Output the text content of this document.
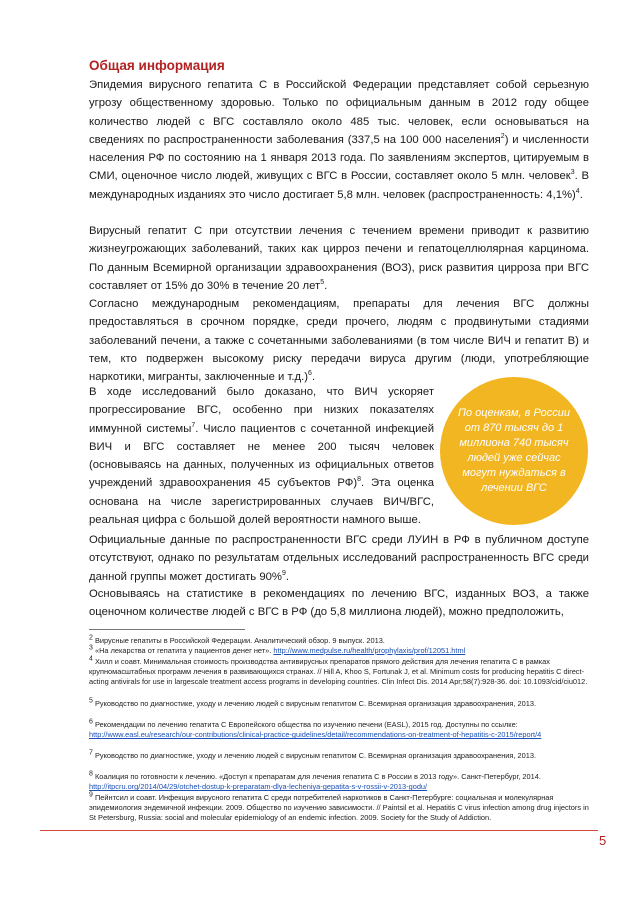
Общая информация

Эпидемия вирусного гепатита С в Российской Федерации представляет собой серьезную угрозу общественному здоровью. Только по официальным данным в 2012 году общее количество людей с ВГС составляло около 485 тыс. человек, если основываться на сведениях по распространенности заболевания (337,5 на 100 000 населения$^2$) и численности населения РФ по состоянию на 1 января 2013 года. По заявлениям экспертов, цитируемым в СМИ, оценочное число людей, живущих с ВГС в России, составляет около 5 млн. человек$^3$. В международных изданиях это число достигает 5,8 млн. человек (распространенность: 4,1%)$^4$.

Вирусный гепатит С при отсутствии лечения с течением времени приводит к развитию жизнеугрожающих заболеваний, таких как цирроз печени и гепатоцеллюлярная карцинома. По данным Всемирной организации здравоохранения (ВОЗ), риск развития цирроза при ВГС составляет от 15% до 30% в течение 20 лет$^5$.

Согласно международным рекомендациям, препараты для лечения ВГС должны предоставляться в срочном порядке, среди прочего, людям с продвинутыми стадиями заболеваний печени, а также с сочетанными заболеваниями (в том числе ВИЧ и гепатит В) и тем, кто подвержен высокому риску передачи вируса другим (люди, употребляющие наркотики, мигранты, заключенные и т.д.)$^6$.

В ходе исследований было доказано, что ВИЧ ускоряет прогрессирование ВГС, особенно при низких показателях иммунной системы$^7$. Число пациентов с сочетанной инфекцией ВИЧ и ВГС составляет не менее 200 тысяч человек (основываясь на данных, полученных из официальных ответов учреждений здравоохранения 45 субъектов РФ)$^8$. Эта оценка основана на числе зарегистрированных случаев ВИЧ/ВГС, реальная цифра с большой долей вероятности намного выше.

По оценкам, в России от 870 тысяч до 1 миллиона 740 тысяч людей уже сейчас могут нуждаться в лечении ВГС

Официальные данные по распространенности ВГС среди ЛУИН в РФ в публичном доступе отсутствуют, однако по результатам отдельных исследований распространенность ВГС среди данной группы может достигать 90%$^9$.

Основываясь на статистике в рекомендациях по лечению ВГС, изданных ВОЗ, а также оценочном количестве людей с ВГС в РФ (до 5,8 миллиона людей), можно предположить,

$^2$ Вирусные гепатиты в Российской Федерации. Аналитический обзор. 9 выпуск. 2013.

$^3$ «На лекарства от гепатита у пациентов денег нет». http://www.medpulse.ru/health/prophylaxis/prof/12051.html

$^4$ Хилл и соавт. Минимальная стоимость производства антивирусных препаратов прямого действия для лечения гепатита С в рамках крупномасштабных программ лечения в развивающихся странах. // Hill A, Khoo S, Fortunak J, et al. Minimum costs for producing hepatitis C direct-acting antivirals for use in largescale treatment access programs in developing countries. Clin Infect Dis. 2014 Apr;58(7):928-36. doi: 10.1093/cid/ciu012.

$^5$ Руководство по диагностике, уходу и лечению людей с вирусным гепатитом С. Всемирная организация здравоохранения, 2013.

$^6$ Рекомендации по лечению гепатита С Европейского общества по изучению печени (EASL), 2015 год. Доступны по ссылке: http://www.easl.eu/research/our-contributions/clinical-practice-guidelines/detail/recommendations-on-treatment-of-hepatitis-c-2015/report/4

$^7$ Руководство по диагностике, уходу и лечению людей с вирусным гепатитом С. Всемирная организация здравоохранения, 2013.

$^8$ Коалиция по готовности к лечению. «Доступ к препаратам для лечения гепатита С в России в 2013 году». Санкт-Петербург, 2014. http://itpcru.org/2014/04/29/otchet-dostup-k-preparatam-dlya-lecheniya-gepatita-s-v-rossii-v-2013-godu/

$^9$ Пейнтсил и соавт. Инфекция вирусного гепатита С среди потребителей наркотиков в Санкт-Петербурге: социальная и молекулярная эпидемиология эндемичной инфекции. 2009. Общество по изучению зависимости. // Paintsil et al. Hepatitis C virus infection among drug injectors in St Petersburg, Russia: social and molecular epidemiology of an endemic infection. 2009. Society for the Study of Addiction.

5
